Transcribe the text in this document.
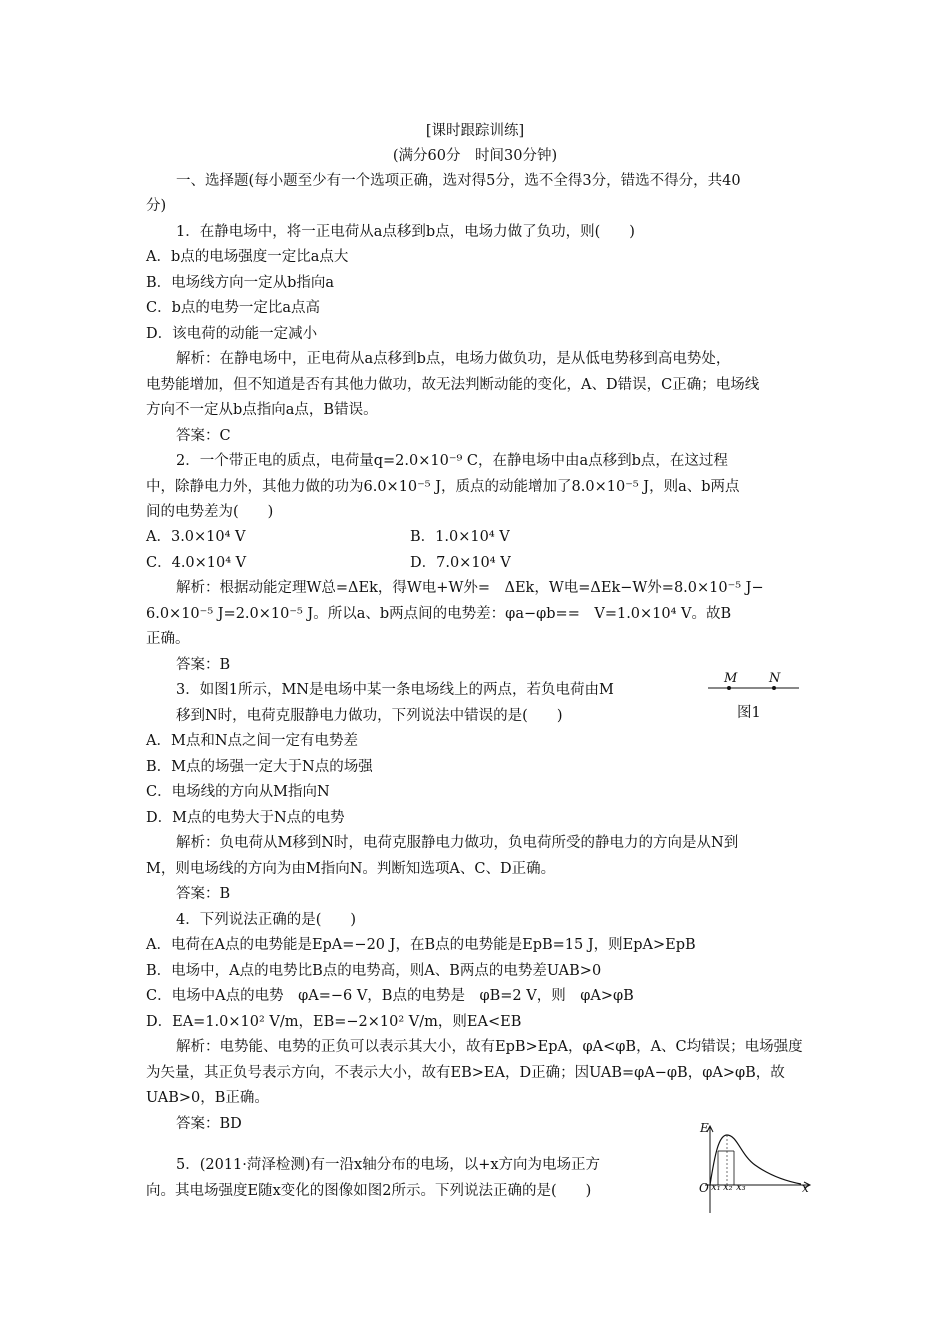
[课时跟踪训练]
(满分60分　时间30分钟)
一、选择题(每小题至少有一个选项正确，选对得5分，选不全得3分，错选不得分，共40
分)
1．在静电场中，将一正电荷从a点移到b点，电场力做了负功，则(　　)
A．b点的电场强度一定比a点大
B．电场线方向一定从b指向a
C．b点的电势一定比a点高
D．该电荷的动能一定减小
解析：在静电场中，正电荷从a点移到b点，电场力做负功，是从低电势移到高电势处，
电势能增加，但不知道是否有其他力做功，故无法判断动能的变化，A、D错误，C正确；电场线
方向不一定从b点指向a点，B错误。
答案：C
2．一个带正电的质点，电荷量q=2.0×10⁻⁹ C，在静电场中由a点移到b点，在这过程
中，除静电力外，其他力做的功为6.0×10⁻⁵ J，质点的动能增加了8.0×10⁻⁵ J，则a、b两点
间的电势差为(　　)
A．3.0×10⁴ V	B．1.0×10⁴ V
C．4.0×10⁴ V	D．7.0×10⁴ V
解析：根据动能定理W总=ΔEk，得W电+W外=　ΔEk，W电=ΔEk−W外=8.0×10⁻⁵ J−
6.0×10⁻⁵ J=2.0×10⁻⁵ J。所以a、b两点间的电势差：φa−φb==　V=1.0×10⁴ V。故B
正确。
答案：B
3．如图1所示，MN是电场中某一条电场线上的两点，若负电荷由M
移到N时，电荷克服静电力做功，下列说法中错误的是(　　)
M N
图1
A．M点和N点之间一定有电势差
B．M点的场强一定大于N点的场强
C．电场线的方向从M指向N
D．M点的电势大于N点的电势
解析：负电荷从M移到N时，电荷克服静电力做功，负电荷所受的静电力的方向是从N到
M，则电场线的方向为由M指向N。判断知选项A、C、D正确。
答案：B
4．下列说法正确的是(　　)
A．电荷在A点的电势能是EpA=−20 J，在B点的电势能是EpB=15 J，则EpA>EpB
B．电场中，A点的电势比B点的电势高，则A、B两点的电势差UAB>0
C．电场中A点的电势　φA=−6 V，B点的电势是　φB=2 V，则　φA>φB
D．EA=1.0×10² V/m，EB=−2×10² V/m，则EA<EB
解析：电势能、电势的正负可以表示其大小，故有EpB>EpA，φA<φB，A、C均错误；电场强度
为矢量，其正负号表示方向，不表示大小，故有EB>EA，D正确；因UAB=φA−φB，φA>φB，故
UAB>0，B正确。
答案：BD
5．(2011·菏泽检测)有一沿x轴分布的电场，以+x方向为电场正方
向。其电场强度E随x变化的图像如图2所示。下列说法正确的是(　　)
E
O x₁ x₂ x₃	x
